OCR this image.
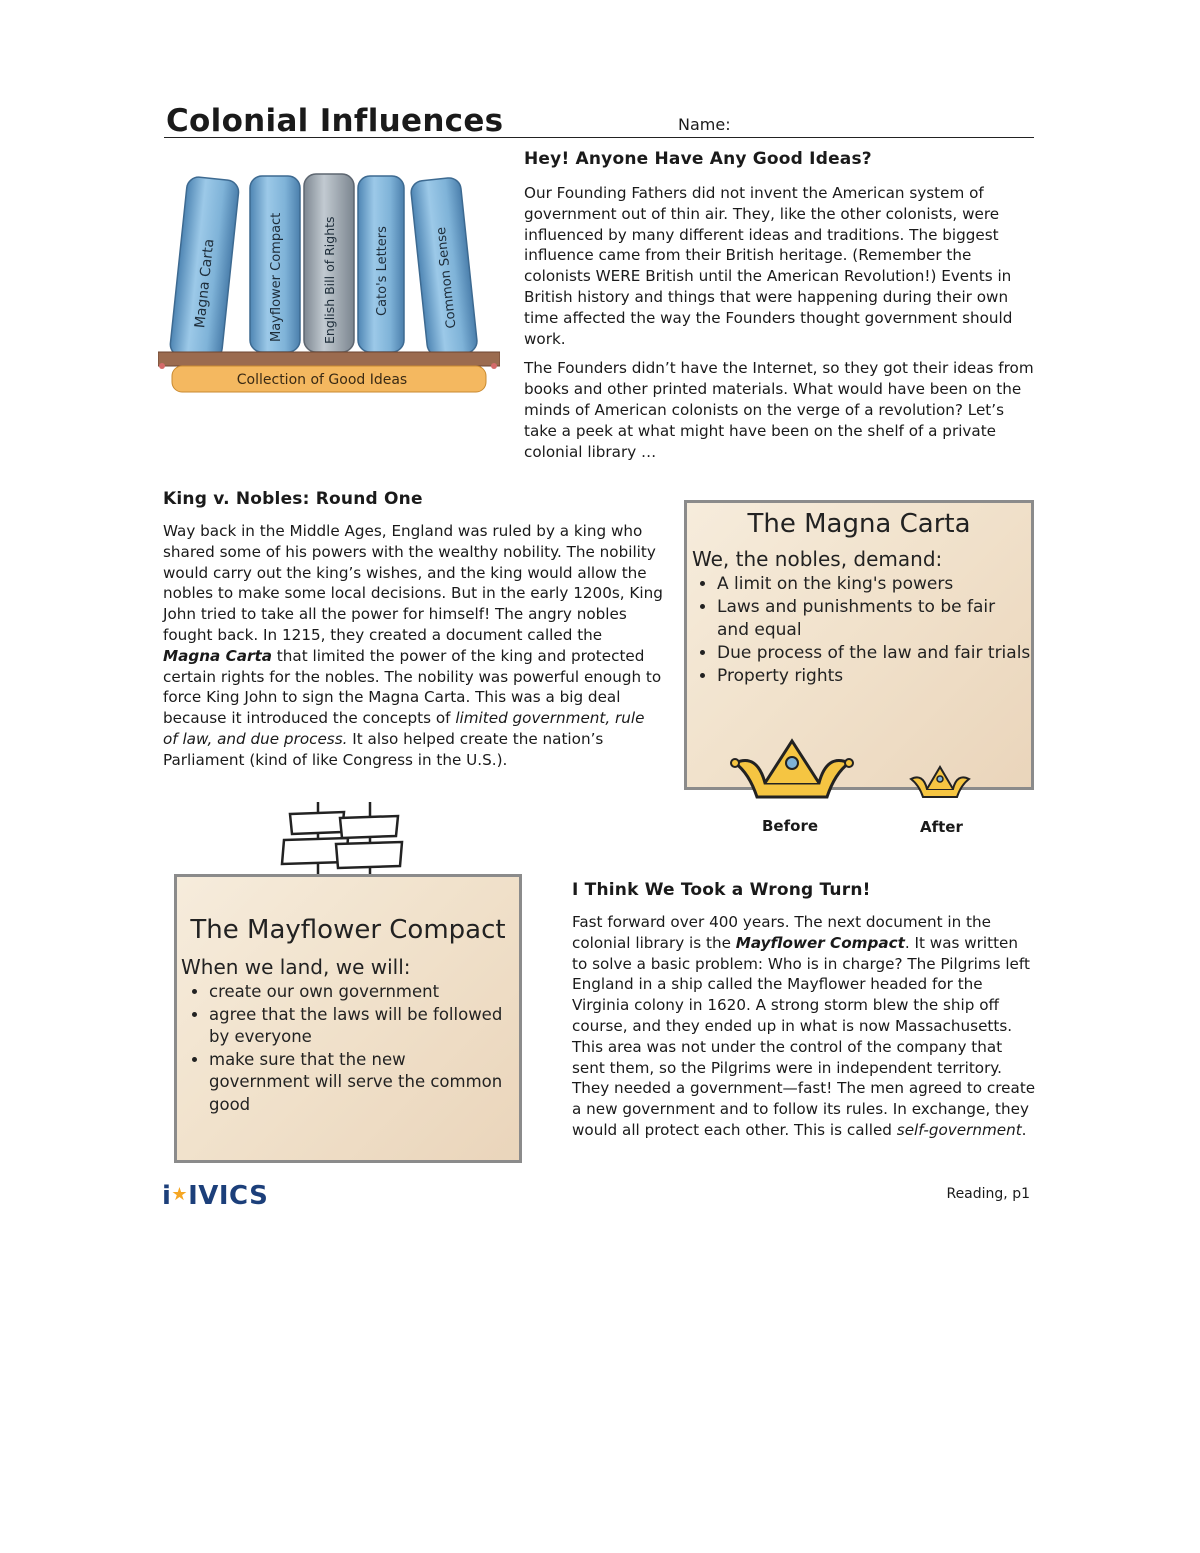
Colonial Influences	Name:
Magna Carta	Mayflower Compact	English Bill of Rights	Cato's Letters	Common Sense
Collection of Good Ideas
Hey! Anyone Have Any Good Ideas?

Our Founding Fathers did not invent the American system of government out of thin air. They, like the other colonists, were influenced by many different ideas and traditions. The biggest influence came from their British heritage. (Remember the colonists WERE British until the American Revolution!) Events in British history and things that were happening during their own time affected the way the Founders thought government should work.

The Founders didn’t have the Internet, so they got their ideas from books and other printed materials. What would have been on the minds of American colonists on the verge of a revolution? Let’s take a peek at what might have been on the shelf of a private colonial library …

King v. Nobles: Round One

Way back in the Middle Ages, England was ruled by a king who shared some of his powers with the wealthy nobility. The nobility would carry out the king’s wishes, and the king would allow the nobles to make some local decisions. But in the early 1200s, King John tried to take all the power for himself! The angry nobles fought back. In 1215, they created a document called the Magna Carta that limited the power of the king and protected certain rights for the nobles. The nobility was powerful enough to force King John to sign the Magna Carta. This was a big deal because it introduced the concepts of limited government, rule of law, and due process. It also helped create the nation’s Parliament (kind of like Congress in the U.S.).

The Magna Carta
We, the nobles, demand:
• A limit on the king's powers
• Laws and punishments to be fair and equal
• Due process of the law and fair trials
• Property rights
Before	After
The Mayflower Compact
When we land, we will:
• create our own government
• agree that the laws will be followed by everyone
• make sure that the new government will serve the common good
I Think We Took a Wrong Turn!

Fast forward over 400 years. The next document in the colonial library is the Mayflower Compact. It was written to solve a basic problem: Who is in charge? The Pilgrims left England in a ship called the Mayflower headed for the Virginia colony in 1620. A strong storm blew the ship off course, and they ended up in what is now Massachusetts. This area was not under the control of the company that sent them, so the Pilgrims were in independent territory. They needed a government—fast! The men agreed to create a new government and to follow its rules. In exchange, they would all protect each other. This is called self-government.

i★IVICS	Reading, p1
